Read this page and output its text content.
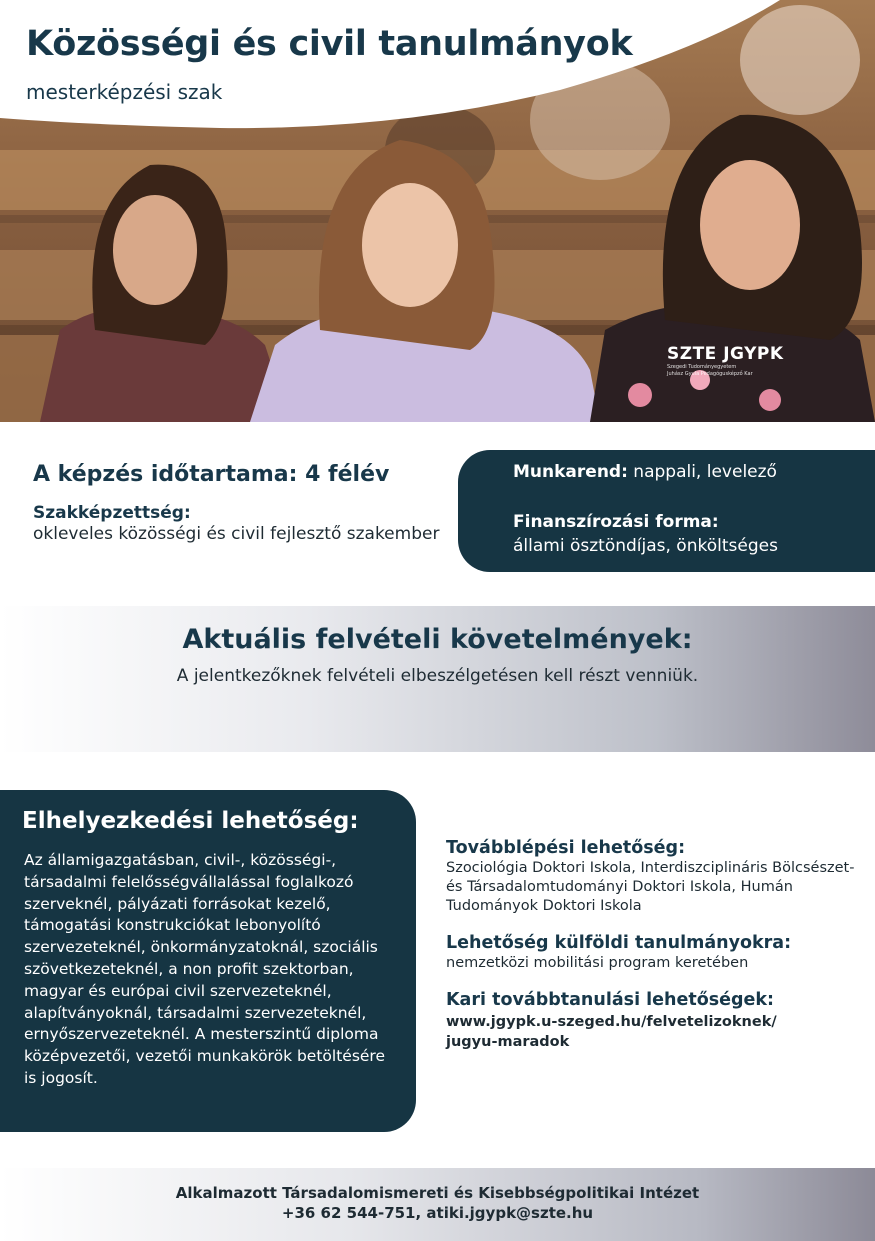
Közösségi és civil tanulmányok
mesterképzési szak
SZTE JGYPK
Szegedi Tudományegyetem
Juhász Gyula Pedagógusképző Kar
A képzés időtartama: 4 félév
Szakképzettség:
okleveles közösségi és civil fejlesztő szakember
Munkarend: nappali, levelező
Finanszírozási forma:
állami ösztöndíjas, önköltséges
Aktuális felvételi követelmények:
A jelentkezőknek felvételi elbeszélgetésen kell részt venniük.
Elhelyezkedési lehetőség:
Az államigazgatásban, civil-, közösségi-, társadalmi felelősségvállalással foglalkozó szerveknél, pályázati forrásokat kezelő, támogatási konstrukciókat lebonyolító szervezeteknél, önkormányzatoknál, szociális szövetkezeteknél, a non profit szektorban, magyar és európai civil szervezeteknél, alapítványoknál, társadalmi szervezeteknél, ernyőszervezeteknél. A mesterszintű diploma középvezetői, vezetői munkakörök betöltésére is jogosít.
Továbblépési lehetőség:
Szociológia Doktori Iskola, Interdiszciplináris Bölcsészet- és Társadalomtudományi Doktori Iskola, Humán Tudományok Doktori Iskola
Lehetőség külföldi tanulmányokra:
nemzetközi mobilitási program keretében
Kari továbbtanulási lehetőségek:
www.jgypk.u-szeged.hu/felvetelizoknek/
jugyu-maradok
Alkalmazott Társadalomismereti és Kisebbségpolitikai Intézet
+36 62 544-751, atiki.jgypk@szte.hu
